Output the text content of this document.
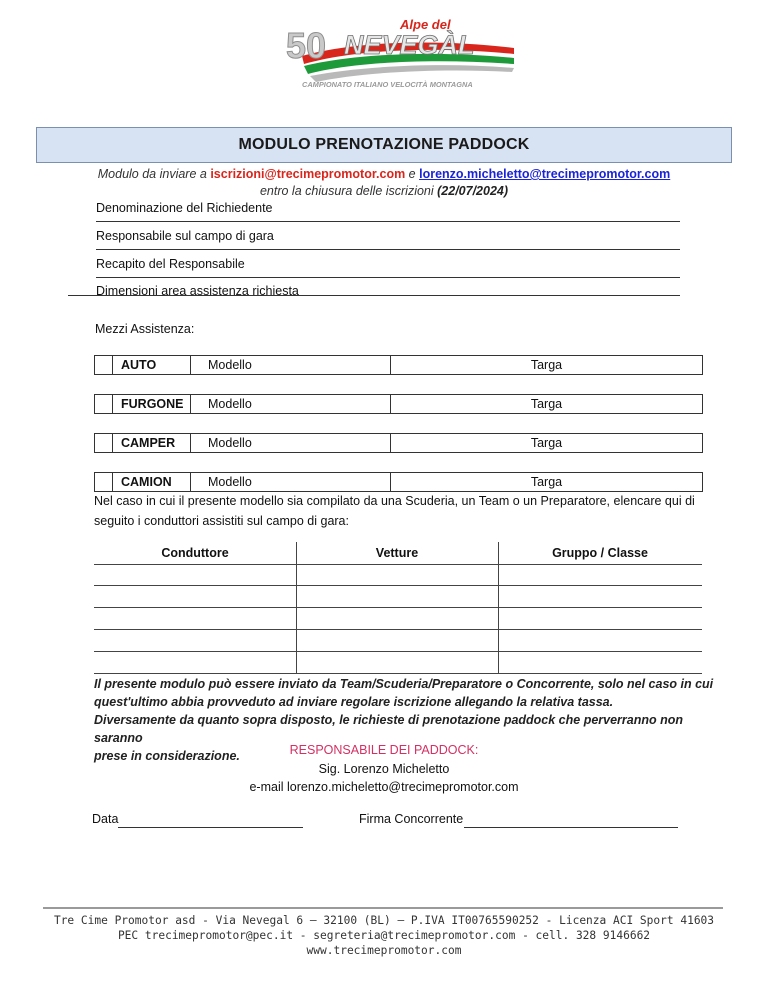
50
Alpe del
NEVEGÀL
CAMPIONATO ITALIANO VELOCITÀ MONTAGNA
MODULO PRENOTAZIONE PADDOCK
Modulo da inviare a iscrizioni@trecimepromotor.com e lorenzo.micheletto@trecimepromotor.com
entro la chiusura delle iscrizioni (22/07/2024)
Denominazione del Richiedente
Responsabile sul campo di gara
Recapito del Responsabile
Dimensioni area assistenza richiesta
Mezzi Assistenza:
AUTO	Modello	Targa
FURGONE	Modello	Targa
CAMPER	Modello	Targa
CAMION	Modello	Targa
Nel caso in cui il presente modello sia compilato da una Scuderia, un Team o un Preparatore, elencare qui di seguito i conduttori assistiti sul campo di gara:
Conduttore	Vetture	Gruppo / Classe
Il presente modulo può essere inviato da Team/Scuderia/Preparatore o Concorrente, solo nel caso in cui
quest'ultimo abbia provveduto ad inviare regolare iscrizione allegando la relativa tassa.
Diversamente da quanto sopra disposto, le richieste di prenotazione paddock che perverranno non saranno
prese in considerazione.	RESPONSABILE DEI PADDOCK:
Sig. Lorenzo Micheletto
e-mail lorenzo.micheletto@trecimepromotor.com
Data	Firma Concorrente
Tre Cime Promotor asd - Via Nevegal 6 – 32100 (BL) – P.IVA IT00765590252 - Licenza ACI Sport 41603
PEC trecimepromotor@pec.it - segreteria@trecimepromotor.com - cell. 328 9146662
www.trecimepromotor.com
